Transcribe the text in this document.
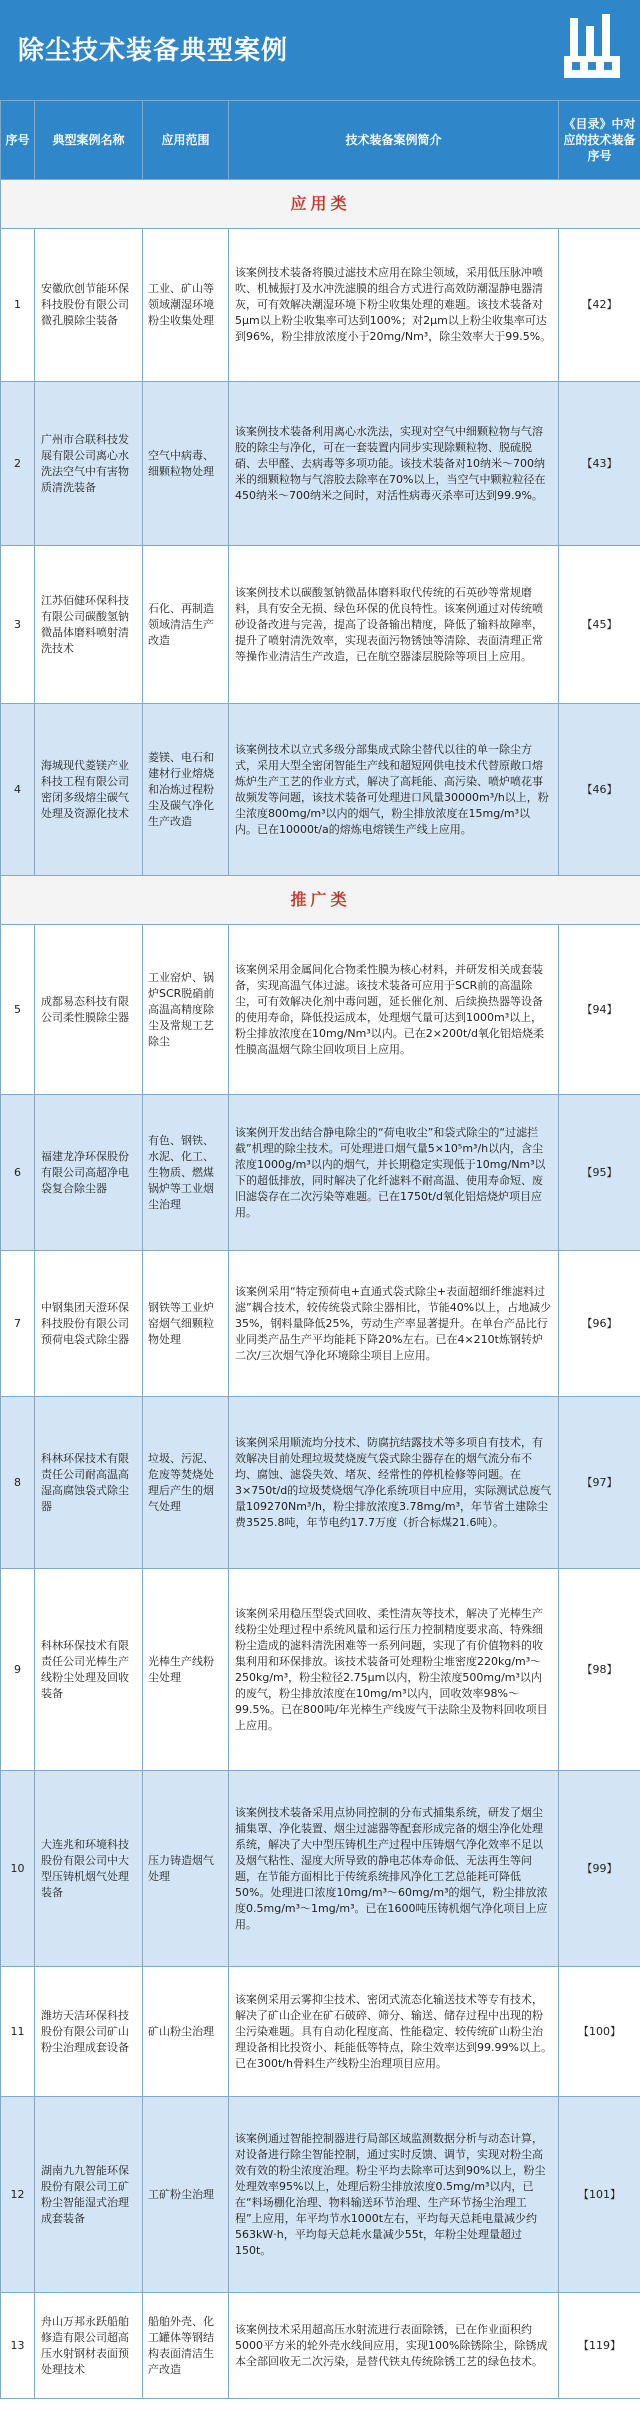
除尘技术装备典型案例
序号	典型案例名称	应用范围	技术装备案例简介	《目录》中对应的技术装备序号
应用类				
1	安徽欣创节能环保科技股份有限公司微孔膜除尘装备	工业、矿山等领域潮湿环境粉尘收集处理	该案例技术装备将膜过滤技术应用在除尘领域，采用低压脉冲喷吹、机械振打及水冲洗滤膜的组合方式进行高效防潮湿静电器清灰，可有效解决潮湿环境下粉尘收集处理的难题。该技术装备对5μm以上粉尘收集率可达到100%；对2μm以上粉尘收集率可达到96%，粉尘排放浓度小于20mg/Nm³，除尘效率大于99.5%。	【42】
2	广州市合联科技发展有限公司离心水洗法空气中有害物质清洗装备	空气中病毒、细颗粒物处理	该案例技术装备利用离心水洗法，实现对空气中细颗粒物与气溶胶的除尘与净化，可在一套装置内同步实现除颗粒物、脱硫脱硝、去甲醛、去病毒等多项功能。该技术装备对10纳米～700纳米的细颗粒物与气溶胶去除率在70%以上，当空气中颗粒粒径在450纳米～700纳米之间时，对活性病毒灭杀率可达到99.9%。	【43】
3	江苏佰健环保科技有限公司碳酸氢钠微晶体磨料喷射清洗技术	石化、再制造领域清洁生产改造	该案例技术以碳酸氢钠微晶体磨料取代传统的石英砂等常规磨料，具有安全无损、绿色环保的优良特性。该案例通过对传统喷砂设备改进与完善，提高了设备输出精度，降低了输料故障率，提升了喷射清洗效率，实现表面污物锈蚀等清除、表面清理正常等操作业清洁生产改造，已在航空器漆层脱除等项目上应用。	【45】
4	海城现代菱镁产业科技工程有限公司密闭多级熔尘碳气处理及资源化技术	菱镁、电石和建材行业熔烧和冶炼过程粉尘及碳气净化生产改造	该案例技术以立式多级分部集成式除尘替代以往的单一除尘方式，采用大型全密闭智能生产线和超短网供电技术代替原敞口熔炼炉生产工艺的作业方式，解决了高耗能、高污染、喷炉喷花事故频发等问题，该技术装备可处理进口风量30000m³/h以上，粉尘浓度800mg/m³以内的烟气，粉尘排放浓度在15mg/m³以内。已在10000t/a的熔炼电熔镁生产线上应用。	【46】
推广类				
5	成都易态科技有限公司柔性膜除尘器	工业窑炉、锅炉SCR脱硝前高温高精度除尘及常规工艺除尘	该案例采用金属间化合物柔性膜为核心材料，并研发相关成套装备，实现高温气体过滤。该技术装备可应用于SCR前的高温除尘，可有效解决化剂中毒问题，延长催化剂、后续换热器等设备的使用寿命，降低投运成本，处理烟气量可达到1000m³以上，粉尘排放浓度在10mg/Nm³以内。已在2×200t/d氧化铝焙烧柔性膜高温烟气除尘回收项目上应用。	【94】
6	福建龙净环保股份有限公司高超净电袋复合除尘器	有色、钢铁、水泥、化工、生物质、燃煤锅炉等工业烟尘治理	该案例开发出结合静电除尘的“荷电收尘”和袋式除尘的“过滤拦截”机理的除尘技术。可处理进口烟气量5×10⁵m³/h以内，含尘浓度1000g/m³以内的烟气，并长期稳定实现低于10mg/Nm³以下的超低排放，同时解决了化纤滤料不耐高温、使用寿命短、废旧滤袋存在二次污染等难题。已在1750t/d氧化铝焙烧炉项目应用。	【95】
7	中钢集团天澄环保科技股份有限公司预荷电袋式除尘器	钢铁等工业炉窑烟气细颗粒物处理	该案例采用“特定预荷电+直通式袋式除尘+表面超细纤维滤料过滤”耦合技术，较传统袋式除尘器相比，节能40%以上，占地减少35%，钢料量降低25%，劳动生产率显著提升。在单台产品比行业同类产品生产平均能耗下降20%左右。已在4×210t炼钢转炉二次/三次烟气净化环境除尘项目上应用。	【96】
8	科林环保技术有限责任公司耐高温高湿高腐蚀袋式除尘器	垃圾、污泥、危废等焚烧处理后产生的烟气处理	该案例采用顺流均分技术、防腐抗结露技术等多项自有技术，有效解决目前处理垃圾焚烧废气袋式除尘器存在的烟气流分布不均、腐蚀、滤袋失效、堵灰、经常性的停机检修等问题。在3×750t/d的垃圾焚烧烟气净化系统项目中应用，实际测试总废气量109270Nm³/h，粉尘排放浓度3.78mg/m³，年节省土建除尘费3525.8吨，年节电约17.7万度（折合标煤21.6吨）。	【97】
9	科林环保技术有限责任公司光棒生产线粉尘处理及回收装备	光棒生产线粉尘处理	该案例采用稳压型袋式回收、柔性清灰等技术，解决了光棒生产线粉尘处理过程中系统风量和运行压力控制精度要求高、特殊细粉尘造成的滤料清洗困难等一系列问题，实现了有价值物料的收集利用和环保排放。该技术装备可处理粉尘堆密度220kg/m³～250kg/m³，粉尘粒径2.75μm以内，粉尘浓度500mg/m³以内的废气，粉尘排放浓度在10mg/m³以内，回收效率98%～99.5%。已在800吨/年光棒生产线废气干法除尘及物料回收项目上应用。	【98】
10	大连兆和环境科技股份有限公司中大型压铸机烟气处理装备	压力铸造烟气处理	该案例技术装备采用点协同控制的分布式捕集系统，研发了烟尘捕集罩、净化装置、烟尘过滤器等配套形成完备的烟尘净化处理系统，解决了大中型压铸机生产过程中压铸烟气净化效率不足以及烟气粘性、湿度大所导致的静电芯体寿命低、无法再生等问题，在节能方面相比于传统系统排风净化工艺总能耗可降低50%。处理进口浓度10mg/m³～60mg/m³的烟气，粉尘排放浓度0.5mg/m³～1mg/m³。已在1600吨压铸机烟气净化项目上应用。	【99】
11	潍坊天洁环保科技股份有限公司矿山粉尘治理成套设备	矿山粉尘治理	该案例采用云雾抑尘技术、密闭式流态化输送技术等专有技术，解决了矿山企业在矿石破碎、筛分、输送、储存过程中出现的粉尘污染难题。具有自动化程度高、性能稳定、较传统矿山粉尘治理设备相比投资小、耗能低等特点，除尘效率达到99.99%以上。已在300t/h骨料生产线粉尘治理项目应用。	【100】
12	湖南九九智能环保股份有限公司工矿粉尘智能湿式治理成套装备	工矿粉尘治理	该案例通过智能控制器进行局部区域监测数据分析与动态计算，对设备进行除尘智能控制，通过实时反馈、调节，实现对粉尘高效有效的粉尘浓度治理。粉尘平均去除率可达到90%以上，粉尘处理效率95%以上，处理后粉尘排放浓度0.5mg/m³以内，已在“料场棚化治理、物料输送环节治理、生产环节扬尘治理工程”上应用，年平均节水1000t左右，平均每天总耗电量减少约563kW·h，平均每天总耗水量减少55t，年粉尘处理量超过150t。	【101】
13	舟山万邦永跃船舶修造有限公司超高压水射钢材表面预处理技术	船舶外壳、化工罐体等钢结构表面清洁生产改造	该案例技术采用超高压水射流进行表面除锈，已在作业面积约5000平方米的轮外壳水线间应用，实现100%除锈除尘，除锈成本全部回收无二次污染，是替代铁丸传统除锈工艺的绿色技术。	【119】
